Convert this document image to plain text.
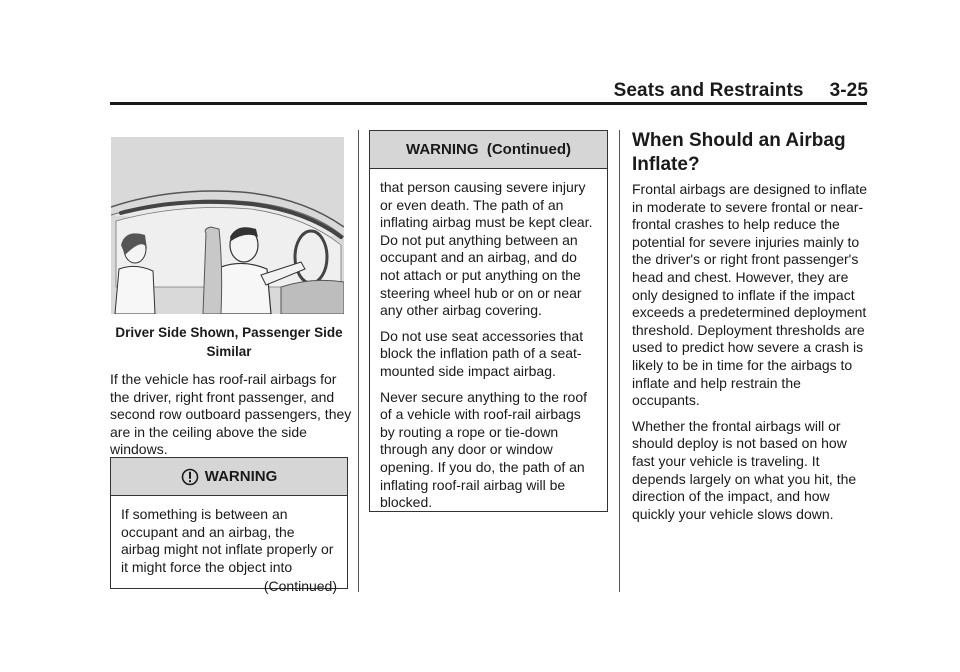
Seats and Restraints 3-25
Driver Side Shown, Passenger Side Similar

If the vehicle has roof-rail airbags for the driver, right front passenger, and second row outboard passengers, they are in the ceiling above the side windows.

WARNING

If something is between an occupant and an airbag, the airbag might not inflate properly or it might force the object into

(Continued)
WARNING  (Continued)

that person causing severe injury or even death. The path of an inflating airbag must be kept clear. Do not put anything between an occupant and an airbag, and do not attach or put anything on the steering wheel hub or on or near any other airbag covering.

Do not use seat accessories that block the inflation path of a seat-mounted side impact airbag.

Never secure anything to the roof of a vehicle with roof-rail airbags by routing a rope or tie-down through any door or window opening. If you do, the path of an inflating roof-rail airbag will be blocked.

When Should an Airbag Inflate?

Frontal airbags are designed to inflate in moderate to severe frontal or near-frontal crashes to help reduce the potential for severe injuries mainly to the driver's or right front passenger's head and chest. However, they are only designed to inflate if the impact exceeds a predetermined deployment threshold. Deployment thresholds are used to predict how severe a crash is likely to be in time for the airbags to inflate and help restrain the occupants.

Whether the frontal airbags will or should deploy is not based on how fast your vehicle is traveling. It depends largely on what you hit, the direction of the impact, and how quickly your vehicle slows down.
